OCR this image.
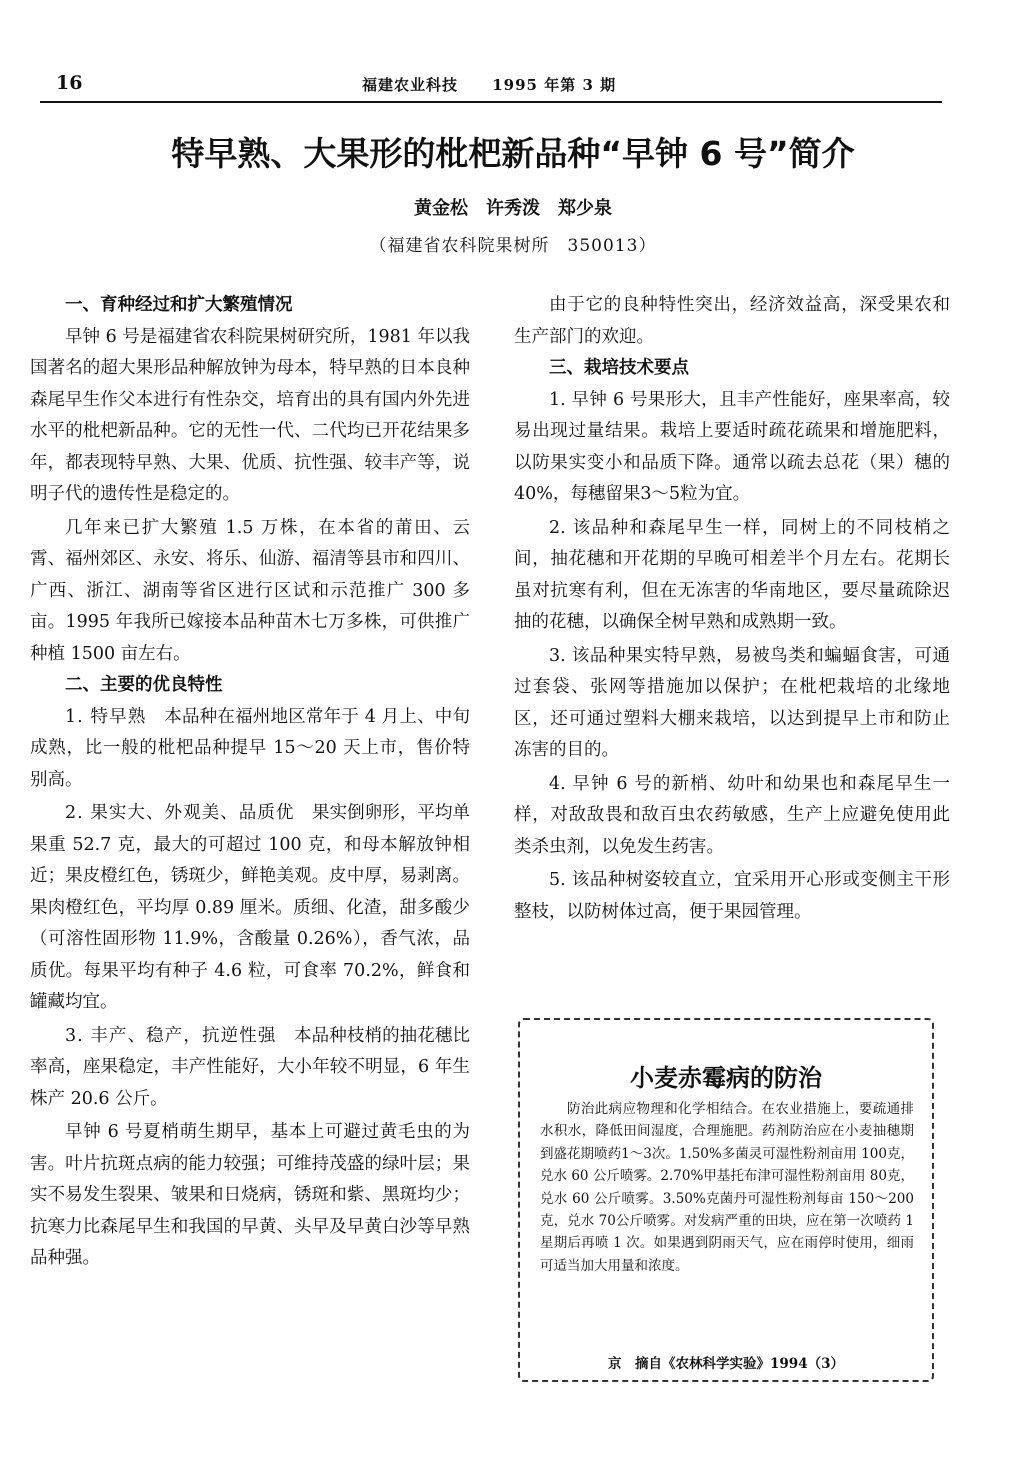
16	福建农业科技 1995 年第 3 期
特早熟、大果形的枇杷新品种“早钟 6 号”简介
黄金松　许秀泼　郑少泉
（福建省农科院果树所　350013）
一、育种经过和扩大繁殖情况

早钟 6 号是福建省农科院果树研究所，1981 年以我国著名的超大果形品种解放钟为母本，特早熟的日本良种森尾早生作父本进行有性杂交，培育出的具有国内外先进水平的枇杷新品种。它的无性一代、二代均已开花结果多年，都表现特早熟、大果、优质、抗性强、较丰产等，说明子代的遗传性是稳定的。

几年来已扩大繁殖 1.5 万株，在本省的莆田、云霄、福州郊区、永安、将乐、仙游、福清等县市和四川、广西、浙江、湖南等省区进行区试和示范推广 300 多亩。1995 年我所已嫁接本品种苗木七万多株，可供推广种植 1500 亩左右。

二、主要的优良特性

1. 特早熟　本品种在福州地区常年于 4 月上、中旬成熟，比一般的枇杷品种提早 15～20 天上市，售价特别高。

2. 果实大、外观美、品质优　果实倒卵形，平均单果重 52.7 克，最大的可超过 100 克，和母本解放钟相近；果皮橙红色，锈斑少，鲜艳美观。皮中厚，易剥离。果肉橙红色，平均厚 0.89 厘米。质细、化渣，甜多酸少（可溶性固形物 11.9%，含酸量 0.26%），香气浓，品质优。每果平均有种子 4.6 粒，可食率 70.2%，鲜食和罐藏均宜。

3. 丰产、稳产，抗逆性强　本品种枝梢的抽花穗比率高，座果稳定，丰产性能好，大小年较不明显，6 年生株产 20.6 公斤。

早钟 6 号夏梢萌生期早，基本上可避过黄毛虫的为害。叶片抗斑点病的能力较强；可维持茂盛的绿叶层；果实不易发生裂果、皱果和日烧病，锈斑和紫、黑斑均少；抗寒力比森尾早生和我国的早黄、头早及早黄白沙等早熟品种强。

由于它的良种特性突出，经济效益高，深受果农和生产部门的欢迎。

三、栽培技术要点

1. 早钟 6 号果形大，且丰产性能好，座果率高，较易出现过量结果。栽培上要适时疏花疏果和增施肥料，以防果实变小和品质下降。通常以疏去总花（果）穗的 40%，每穗留果3～5粒为宜。

2. 该品种和森尾早生一样，同树上的不同枝梢之间，抽花穗和开花期的早晚可相差半个月左右。花期长虽对抗寒有利，但在无冻害的华南地区，要尽量疏除迟抽的花穗，以确保全树早熟和成熟期一致。

3. 该品种果实特早熟，易被鸟类和蝙蝠食害，可通过套袋、张网等措施加以保护；在枇杷栽培的北缘地区，还可通过塑料大棚来栽培，以达到提早上市和防止冻害的目的。

4. 早钟 6 号的新梢、幼叶和幼果也和森尾早生一样，对敌敌畏和敌百虫农药敏感，生产上应避免使用此类杀虫剂，以免发生药害。

5. 该品种树姿较直立，宜采用开心形或变侧主干形整枝，以防树体过高，便于果园管理。

小麦赤霉病的防治

防治此病应物理和化学相结合。在农业措施上，要疏通排水积水，降低田间湿度，合理施肥。药剂防治应在小麦抽穗期到盛花期喷药1～3次。1.50%多菌灵可湿性粉剂亩用 100克，兑水 60 公斤喷雾。2.70%甲基托布津可湿性粉剂亩用 80克，兑水 60 公斤喷雾。3.50%克菌丹可湿性粉剂每亩 150～200 克，兑水 70公斤喷雾。对发病严重的田块，应在第一次喷药 1 星期后再喷 1 次。如果遇到阴雨天气，应在雨停时使用，细雨可适当加大用量和浓度。

京　摘自《农林科学实验》1994（3）
